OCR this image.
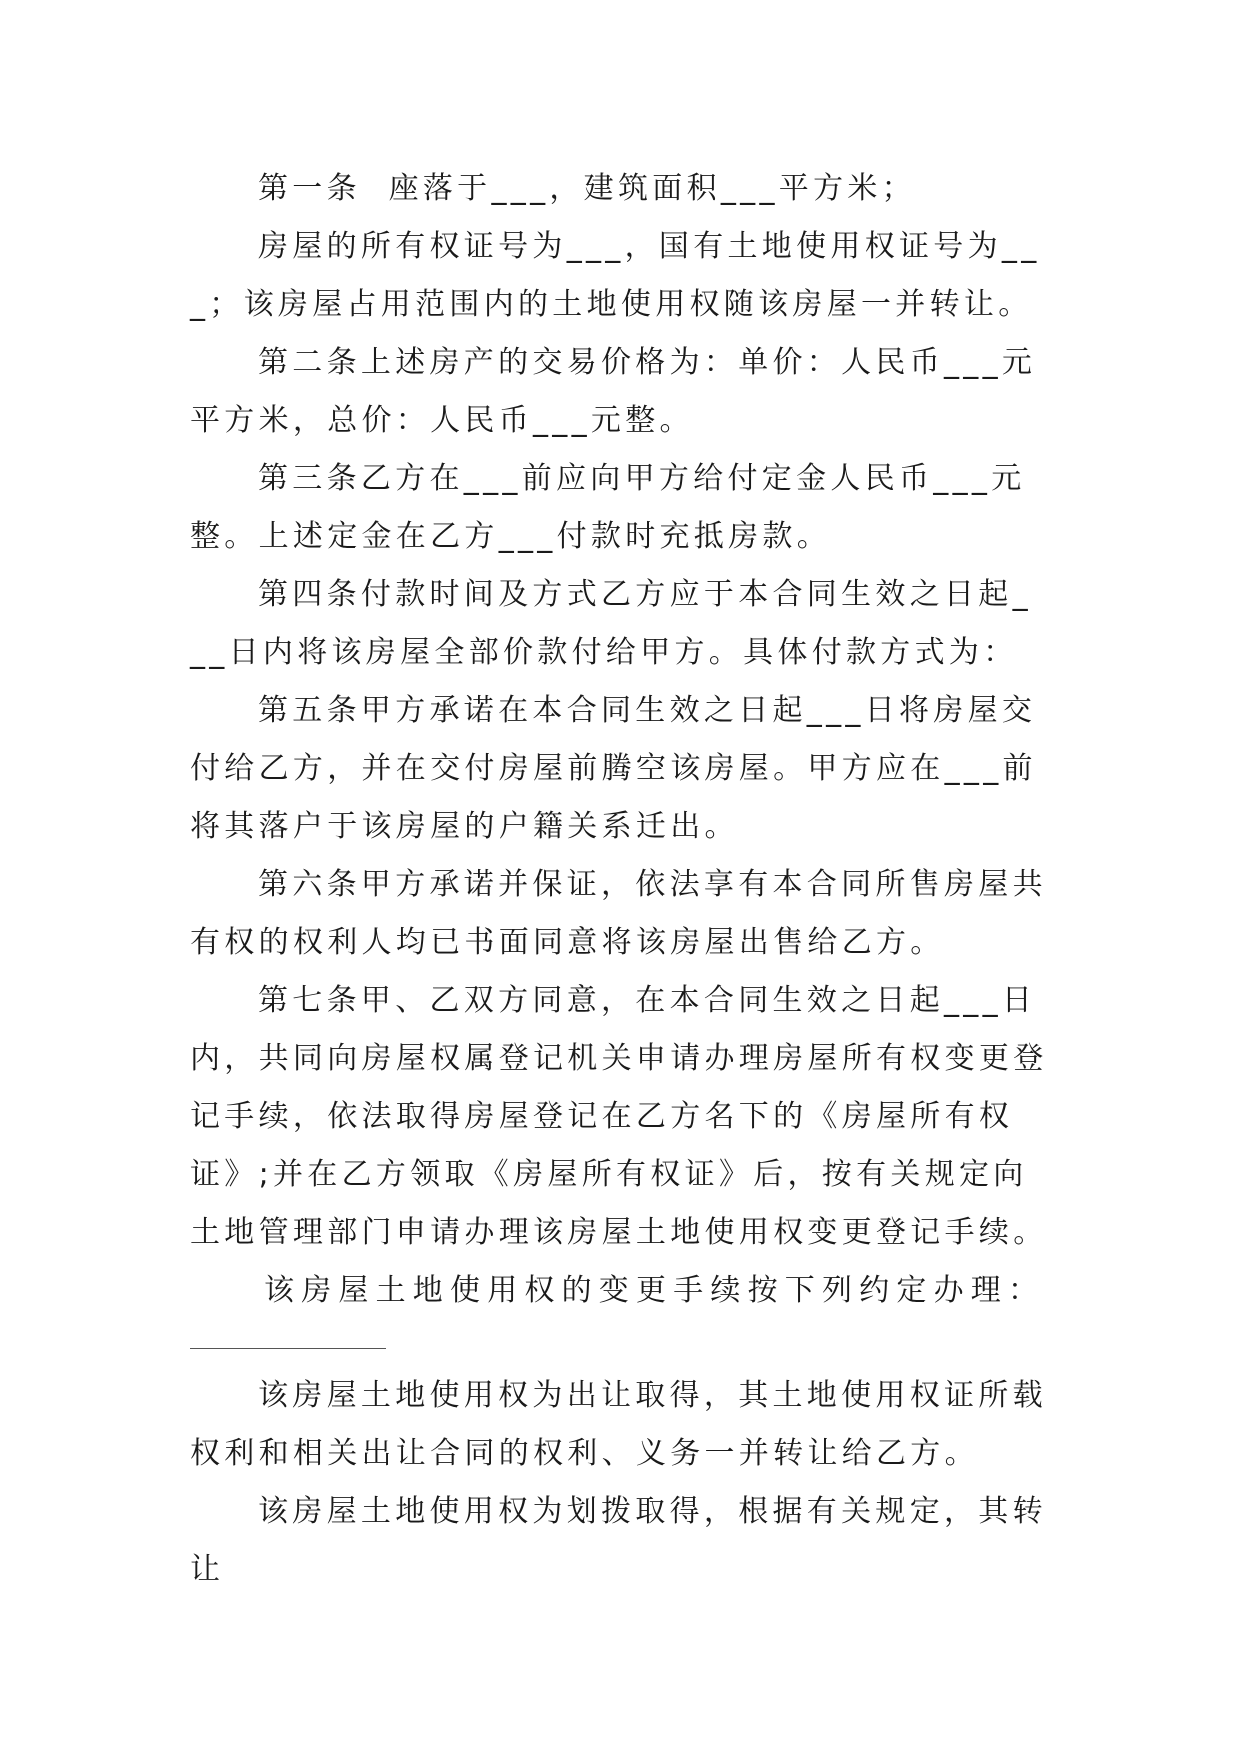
第一条  座落于___，建筑面积___平方米；

房屋的所有权证号为___，国有土地使用权证号为___；该房屋占用范围内的土地使用权随该房屋一并转让。

第二条上述房产的交易价格为：单价：人民币___元平方米，总价：人民币___元整。

第三条乙方在___前应向甲方给付定金人民币___元整。上述定金在乙方___付款时充抵房款。

第四条付款时间及方式乙方应于本合同生效之日起___日内将该房屋全部价款付给甲方。具体付款方式为：

第五条甲方承诺在本合同生效之日起___日将房屋交付给乙方，并在交付房屋前腾空该房屋。甲方应在___前将其落户于该房屋的户籍关系迁出。

第六条甲方承诺并保证，依法享有本合同所售房屋共有权的权利人均已书面同意将该房屋出售给乙方。

第七条甲、乙双方同意，在本合同生效之日起___日内，共同向房屋权属登记机关申请办理房屋所有权变更登记手续，依法取得房屋登记在乙方名下的《房屋所有权证》;并在乙方领取《房屋所有权证》后，按有关规定向土地管理部门申请办理该房屋土地使用权变更登记手续。

该房屋土地使用权的变更手续按下列约定办理：

该房屋土地使用权为出让取得，其土地使用权证所载权利和相关出让合同的权利、义务一并转让给乙方。

该房屋土地使用权为划拨取得，根据有关规定，其转让
